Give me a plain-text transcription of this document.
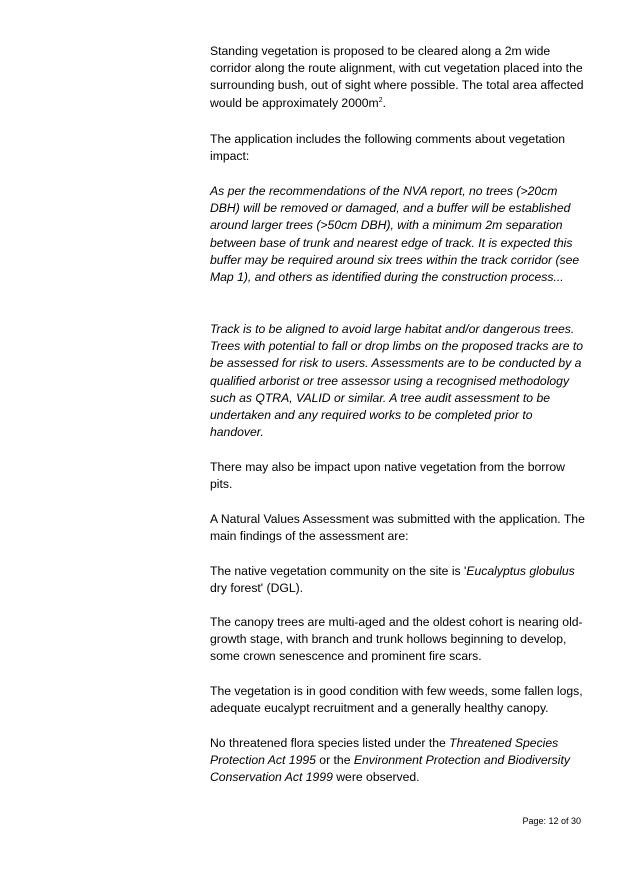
Standing vegetation is proposed to be cleared along a 2m wide corridor along the route alignment, with cut vegetation placed into the surrounding bush, out of sight where possible. The total area affected would be approximately $2000m^2$.

The application includes the following comments about vegetation impact:

As per the recommendations of the NVA report, no trees (>20cm DBH) will be removed or damaged, and a buffer will be established around larger trees (>50cm DBH), with a minimum 2m separation between base of trunk and nearest edge of track. It is expected this buffer may be required around six trees within the track corridor (see Map 1), and others as identified during the construction process...

Track is to be aligned to avoid large habitat and/or dangerous trees. Trees with potential to fall or drop limbs on the proposed tracks are to be assessed for risk to users. Assessments are to be conducted by a qualified arborist or tree assessor using a recognised methodology such as QTRA, VALID or similar. A tree audit assessment to be undertaken and any required works to be completed prior to handover.

There may also be impact upon native vegetation from the borrow pits.

A Natural Values Assessment was submitted with the application. The main findings of the assessment are:

The native vegetation community on the site is 'Eucalyptus globulus dry forest' (DGL).

The canopy trees are multi-aged and the oldest cohort is nearing old-growth stage, with branch and trunk hollows beginning to develop, some crown senescence and prominent fire scars.

The vegetation is in good condition with few weeds, some fallen logs, adequate eucalypt recruitment and a generally healthy canopy.

No threatened flora species listed under the Threatened Species Protection Act 1995 or the Environment Protection and Biodiversity Conservation Act 1999 were observed.

Page: 12 of 30
